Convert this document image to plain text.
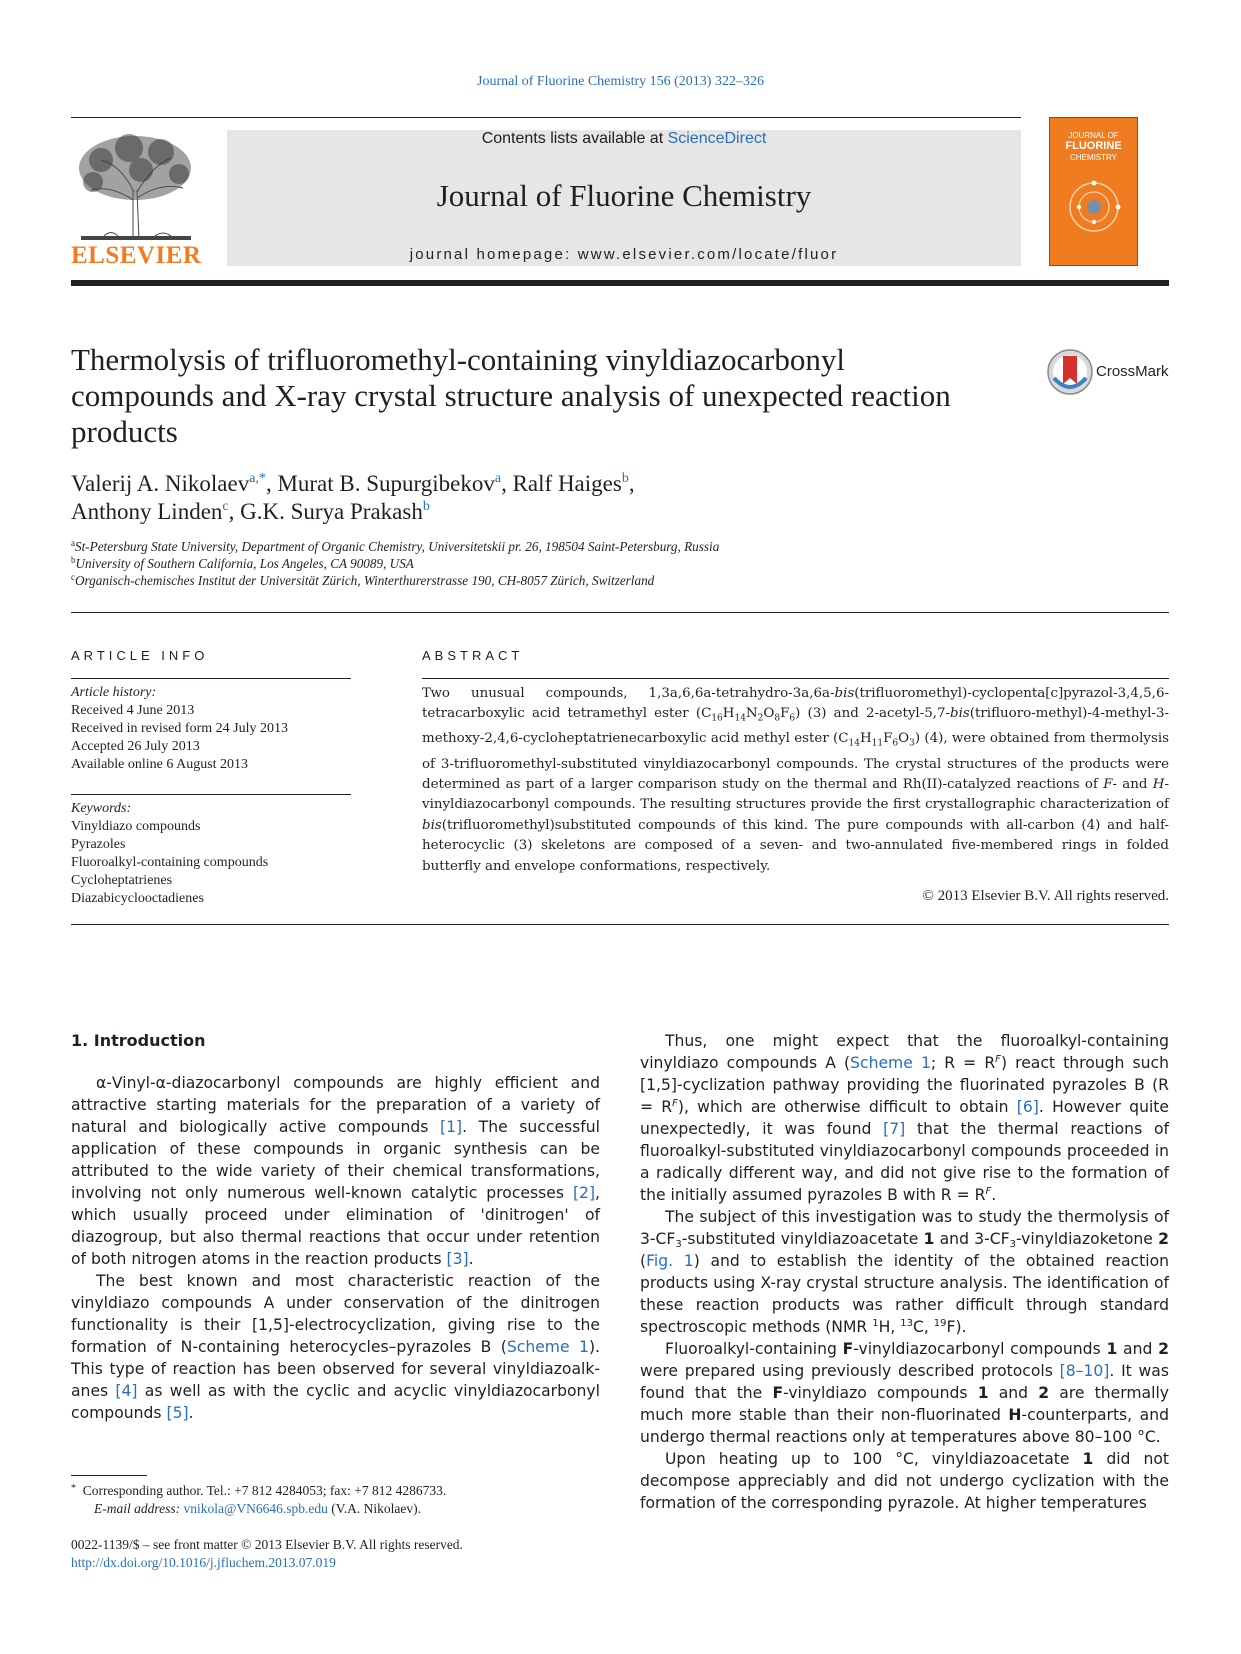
Journal of Fluorine Chemistry 156 (2013) 322–326
ELSEVIER
Contents lists available at ScienceDirect
Journal of Fluorine Chemistry
journal homepage: www.elsevier.com/locate/fluor
JOURNAL OF
FLUORINE
CHEMISTRY
Thermolysis of trifluoromethyl-containing vinyldiazocarbonyl compounds and X-ray crystal structure analysis of unexpected reaction products
CrossMark
Valerij A. Nikolaev$^{a,*}$, Murat B. Supurgibekov$^a$, Ralf Haiges$^b$,
Anthony Linden$^c$, G.K. Surya Prakash$^b$
$^a$St-Petersburg State University, Department of Organic Chemistry, Universitetskii pr. 26, 198504 Saint-Petersburg, Russia
$^b$University of Southern California, Los Angeles, CA 90089, USA
$^c$Organisch-chemisches Institut der Universität Zürich, Winterthurerstrasse 190, CH-8057 Zürich, Switzerland
ARTICLE INFO	ABSTRACT
Article history:
Received 4 June 2013
Received in revised form 24 July 2013
Accepted 26 July 2013
Available online 6 August 2013
Keywords:
Vinyldiazo compounds
Pyrazoles
Fluoroalkyl-containing compounds
Cycloheptatrienes
Diazabicyclooctadienes
Two unusual compounds, 1,3a,6,6a-tetrahydro-3a,6a-bis(trifluoromethyl)-cyclopenta[c]pyrazol-3,4,5,6-tetracarboxylic acid tetramethyl ester $(C_{16}H_{14}N_2O_8F_6)$ (3) and 2-acetyl-5,7-bis(trifluoro-methyl)-4-methyl-3-methoxy-2,4,6-cycloheptatrienecarboxylic acid methyl ester $(C_{14}H_{11}F_6O_3)$ (4), were obtained from thermolysis of 3-trifluoromethyl-substituted vinyldiazocarbonyl compounds. The crystal structures of the products were determined as part of a larger comparison study on the thermal and Rh(II)-catalyzed reactions of F- and H-vinyldiazocarbonyl compounds. The resulting structures provide the first crystallographic characterization of bis(trifluoromethyl)substituted compounds of this kind. The pure compounds with all-carbon (4) and half-heterocyclic (3) skeletons are composed of a seven- and two-annulated five-membered rings in folded butterfly and envelope conformations, respectively.
© 2013 Elsevier B.V. All rights reserved.
1. Introduction

α-Vinyl-α-diazocarbonyl compounds are highly efficient and attractive starting materials for the preparation of a variety of natural and biologically active compounds [1]. The successful application of these compounds in organic synthesis can be attributed to the wide variety of their chemical transformations, involving not only numerous well-known catalytic processes [2], which usually proceed under elimination of 'dinitrogen' of diazogroup, but also thermal reactions that occur under retention of both nitrogen atoms in the reaction products [3].

The best known and most characteristic reaction of the vinyldiazo compounds A under conservation of the dinitrogen functionality is their [1,5]-electrocyclization, giving rise to the formation of N-containing heterocycles–pyrazoles B (Scheme 1). This type of reaction has been observed for several vinyldiazoalk-anes [4] as well as with the cyclic and acyclic vinyldiazocarbonyl compounds [5].

Thus, one might expect that the fluoroalkyl-containing vinyldiazo compounds A (Scheme 1; $R = R^F$) react through such [1,5]-cyclization pathway providing the fluorinated pyrazoles B $(R = R^F)$, which are otherwise difficult to obtain [6]. However quite unexpectedly, it was found [7] that the thermal reactions of fluoroalkyl-substituted vinyldiazocarbonyl compounds proceeded in a radically different way, and did not give rise to the formation of the initially assumed pyrazoles B with $R = R^F$.

The subject of this investigation was to study the thermolysis of $3-CF_3$-substituted vinyldiazoacetate 1 and $3-CF_3$-vinyldiazoketone 2 (Fig. 1) and to establish the identity of the obtained reaction products using X-ray crystal structure analysis. The identification of these reaction products was rather difficult through standard spectroscopic methods (NMR $^1$H, $^{13}$C, $^{19}$F).

Fluoroalkyl-containing F-vinyldiazocarbonyl compounds 1 and 2 were prepared using previously described protocols [8–10]. It was found that the F-vinyldiazo compounds 1 and 2 are thermally much more stable than their non-fluorinated H-counterparts, and undergo thermal reactions only at temperatures above 80–100 °C.

Upon heating up to 100 °C, vinyldiazoacetate 1 did not decompose appreciably and did not undergo cyclization with the formation of the corresponding pyrazole. At higher temperatures

* Corresponding author. Tel.: +7 812 4284053; fax: +7 812 4286733.
E-mail address: vnikola@VN6646.spb.edu (V.A. Nikolaev).
0022-1139/$ – see front matter © 2013 Elsevier B.V. All rights reserved.
http://dx.doi.org/10.1016/j.jfluchem.2013.07.019
